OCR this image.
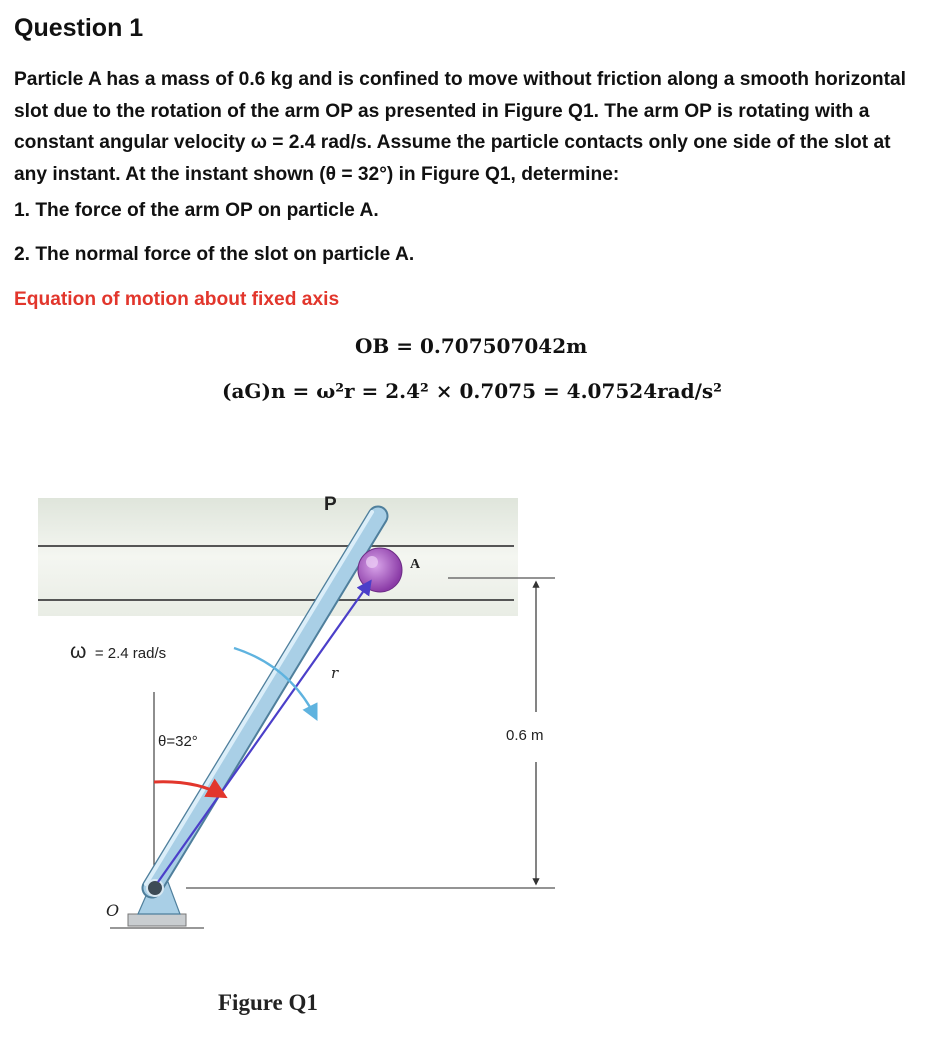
Question 1

Particle A has a mass of 0.6 kg and is confined to move without friction along a smooth horizontal
slot due to the rotation of the arm OP as presented in Figure Q1. The arm OP is rotating with a
constant angular velocity ω = 2.4 rad/s. Assume the particle contacts only one side of the slot at
any instant. At the instant shown (θ = 32°) in Figure Q1, determine:

1. The force of the arm OP on particle A.

2. The normal force of the slot on particle A.

Equation of motion about fixed axis

OB = 0.707507042m
(aG)n = ω²r = 2.4² × 0.7075 = 4.07524rad/s²
0.6 m
r
P
A
O
ω = 2.4 rad/s
θ=32°
Figure Q1
